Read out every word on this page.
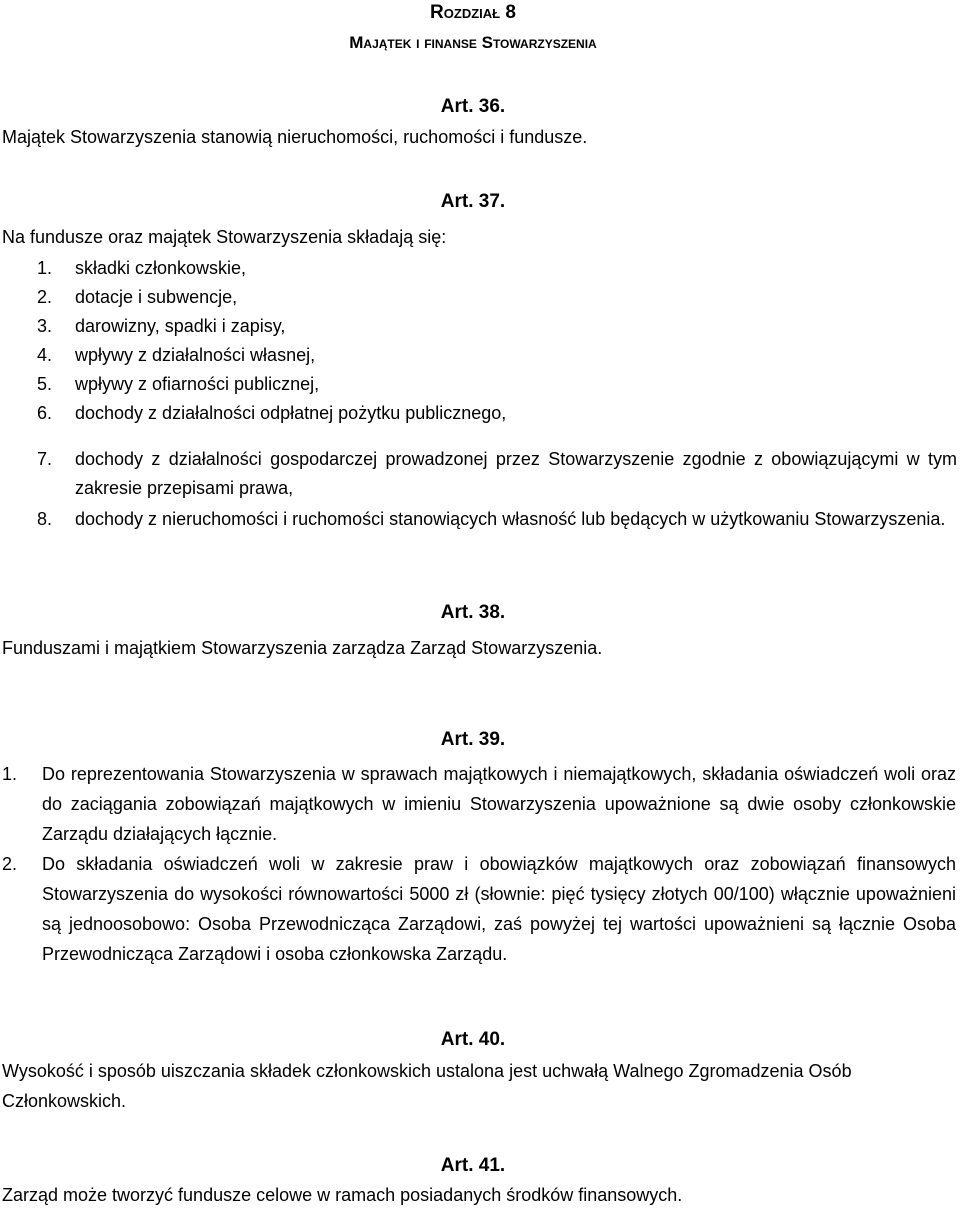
Rozdział 8
Majątek i finanse Stowarzyszenia
Art. 36.
Majątek Stowarzyszenia stanowią nieruchomości, ruchomości i fundusze.
Art. 37.
Na fundusze oraz majątek Stowarzyszenia składają się:
1.	składki członkowskie,
2.	dotacje i subwencje,
3.	darowizny, spadki i zapisy,
4.	wpływy z działalności własnej,
5.	wpływy z ofiarności publicznej,
6.	dochody z działalności odpłatnej pożytku publicznego,
7.	dochody z działalności gospodarczej prowadzonej przez Stowarzyszenie zgodnie z obowiązującymi w tym zakresie przepisami prawa,
8.	dochody z nieruchomości i ruchomości stanowiących własność lub będących w użytkowaniu Stowarzyszenia.
Art. 38.
Funduszami i majątkiem Stowarzyszenia zarządza Zarząd Stowarzyszenia.
Art. 39.
1.	Do reprezentowania Stowarzyszenia w sprawach majątkowych i niemajątkowych, składania oświadczeń woli oraz do zaciągania zobowiązań majątkowych w imieniu Stowarzyszenia upoważnione są dwie osoby członkowskie Zarządu działających łącznie.
2.	Do składania oświadczeń woli w zakresie praw i obowiązków majątkowych oraz zobowiązań finansowych Stowarzyszenia do wysokości równowartości 5000 zł (słownie: pięć tysięcy złotych 00/100) włącznie upoważnieni są jednoosobowo: Osoba Przewodnicząca Zarządowi, zaś powyżej tej wartości upoważnieni są łącznie Osoba Przewodnicząca Zarządowi i osoba członkowska Zarządu.
Art. 40.
Wysokość i sposób uiszczania składek członkowskich ustalona jest uchwałą Walnego Zgromadzenia Osób Członkowskich.
Art. 41.
Zarząd może tworzyć fundusze celowe w ramach posiadanych środków finansowych.
